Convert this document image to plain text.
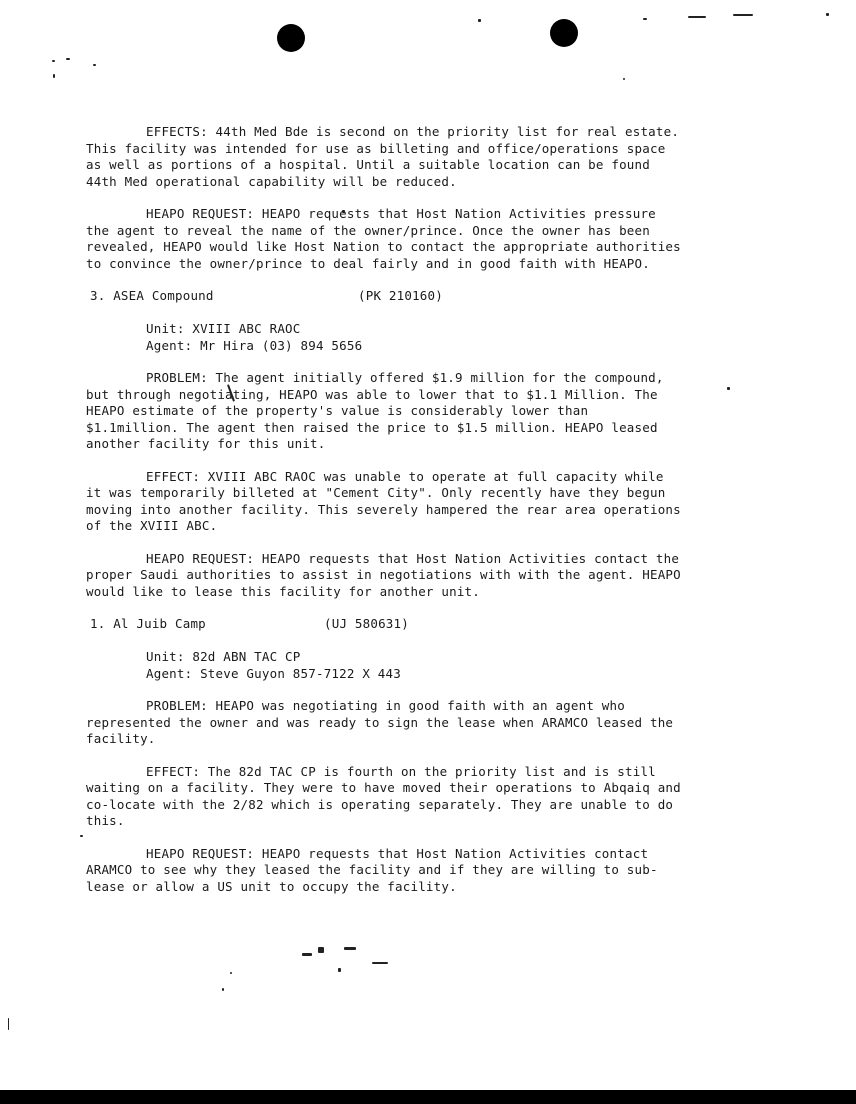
EFFECTS: 44th Med Bde is second on the priority list for real estate. This facility was intended for use as billeting and office/operations space as well as portions of a hospital. Until a suitable location can be found 44th Med operational capability will be reduced.

HEAPO REQUEST: HEAPO requests that Host Nation Activities pressure the agent to reveal the name of the owner/prince. Once the owner has been revealed, HEAPO would like Host Nation to contact the appropriate authorities to convince the owner/prince to deal fairly and in good faith with HEAPO.

3. ASEA Compound	(PK 210160)
Unit: XVIII ABC RAOC
Agent: Mr Hira (03) 894 5656

PROBLEM: The agent initially offered $1.9 million for the compound, but through negotiating, HEAPO was able to lower that to $1.1 Million. The HEAPO estimate of the property's value is considerably lower than $1.1million. The agent then raised the price to $1.5 million. HEAPO leased another facility for this unit.

EFFECT: XVIII ABC RAOC was unable to operate at full capacity while it was temporarily billeted at "Cement City". Only recently have they begun moving into another facility. This severely hampered the rear area operations of the XVIII ABC.

HEAPO REQUEST: HEAPO requests that Host Nation Activities contact the proper Saudi authorities to assist in negotiations with with the agent. HEAPO would like to lease this facility for another unit.

1. Al Juib Camp	(UJ 580631)
Unit: 82d ABN TAC CP
Agent: Steve Guyon 857-7122 X 443

PROBLEM: HEAPO was negotiating in good faith with an agent who represented the owner and was ready to sign the lease when ARAMCO leased the facility.

EFFECT: The 82d TAC CP is fourth on the priority list and is still waiting on a facility. They were to have moved their operations to Abqaiq and co-locate with the 2/82 which is operating separately. They are unable to do this.

HEAPO REQUEST: HEAPO requests that Host Nation Activities contact ARAMCO to see why they leased the facility and if they are willing to sub-lease or allow a US unit to occupy the facility.
